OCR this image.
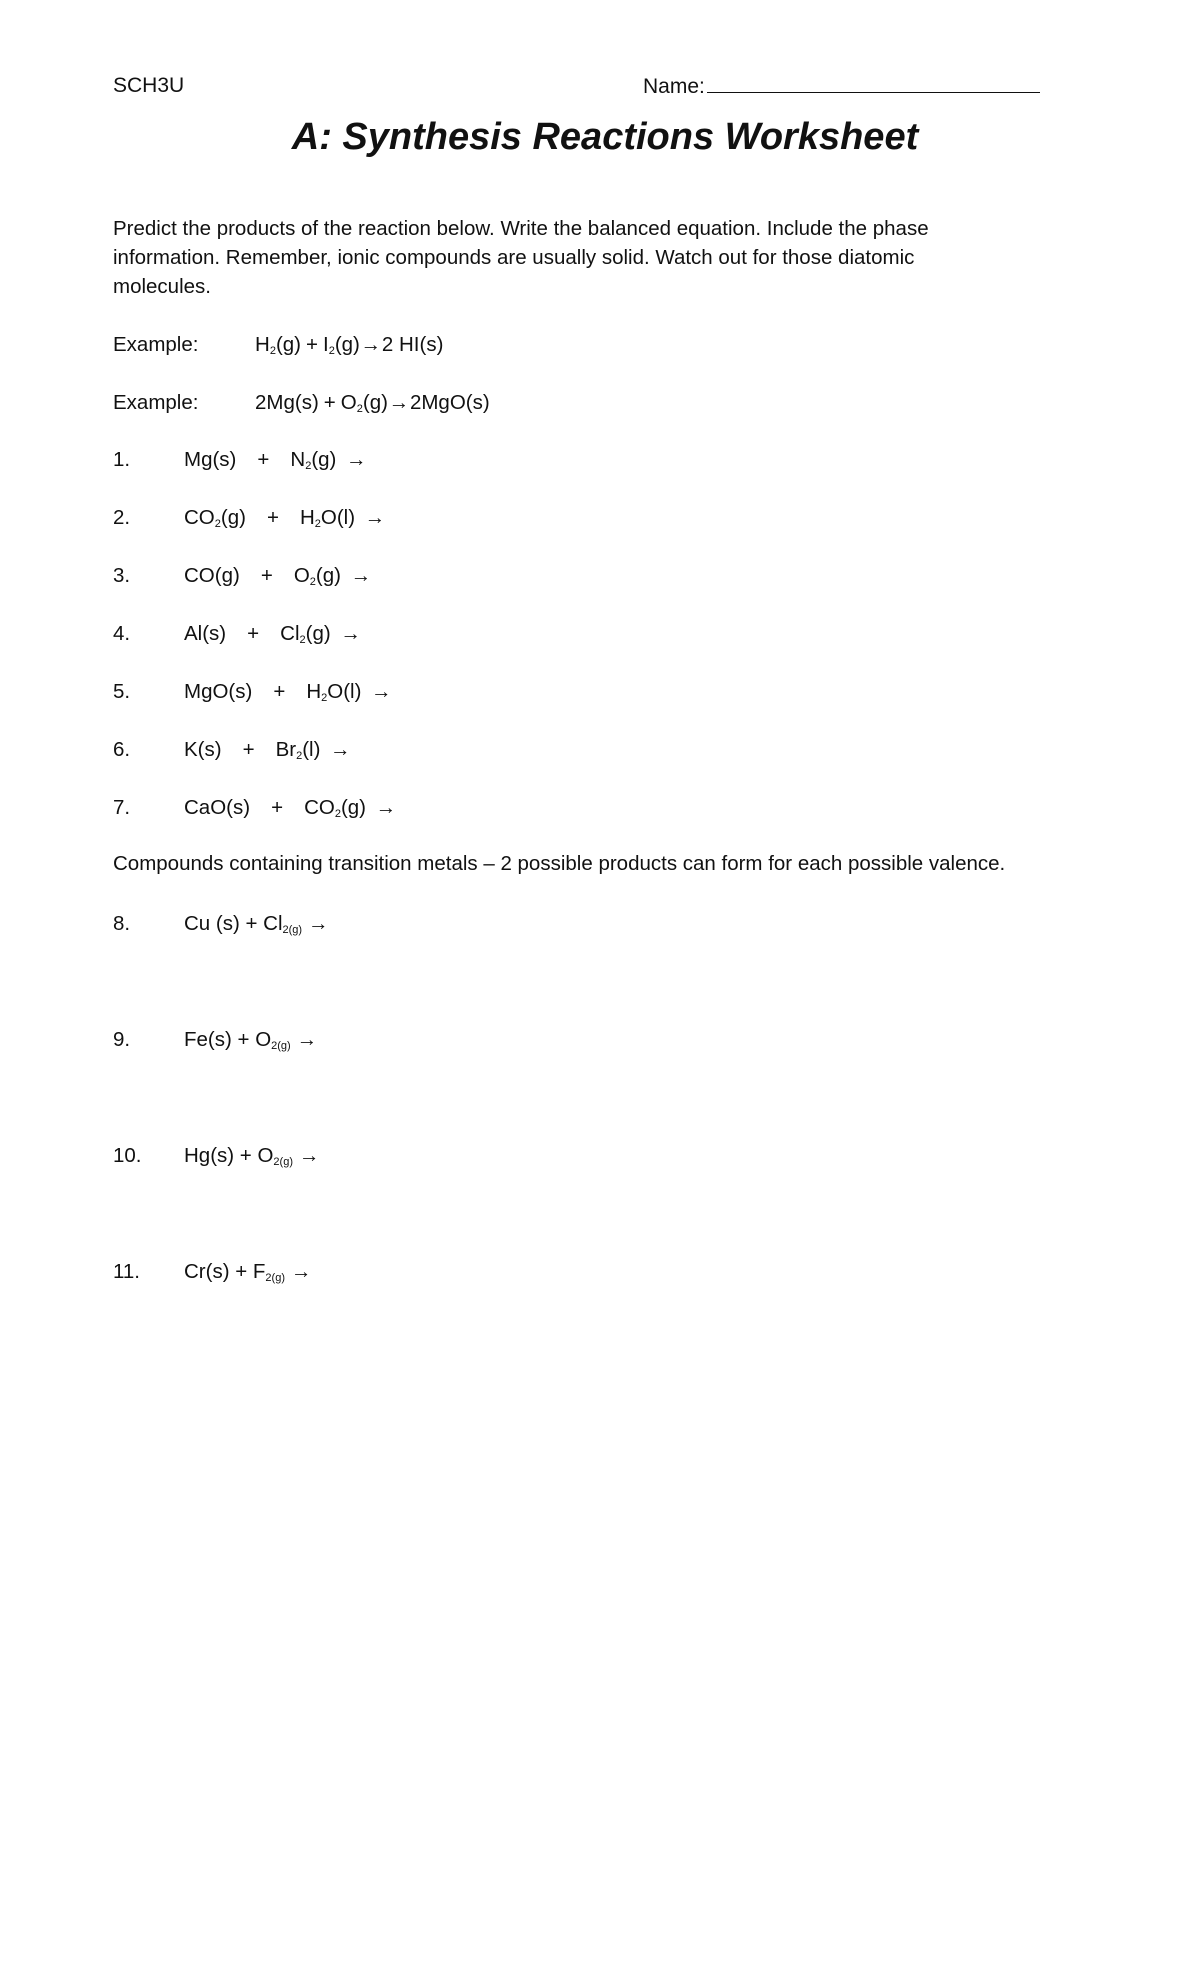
SCH3U	Name:
A: Synthesis Reactions Worksheet

Predict the products of the reaction below. Write the balanced equation. Include the phase

information. Remember, ionic compounds are usually solid. Watch out for those diatomic

molecules.

Example:	$H_2(g) + I_2(g) \to 2$ HI(s)
Example:	$2Mg(s) + O_2(g) \to 2MgO(s)$
1.	Mg(s)	+	$N_2(g)$ →
2.	$CO_2(g)$	+	$H_2O(l)$ →
3.	CO(g)	+	$O_2(g)$ →
4.	Al(s)	+	$Cl_2(g)$ →
5.	MgO(s)	+	$H_2O(l)$ →
6.	K(s)	+	$Br_2(l)$ →
7.	CaO(s)	+	$CO_2(g)$ →
Compounds containing transition metals – 2 possible products can form for each possible valence.
8.	Cu $(s) + Cl_{2(g)}$ →
9.	$Fe(s) + O_{2(g)}$ →
10.	$Hg(s) + O_{2(g)}$ →
11.	$Cr(s) + F_{2(g)}$ →
